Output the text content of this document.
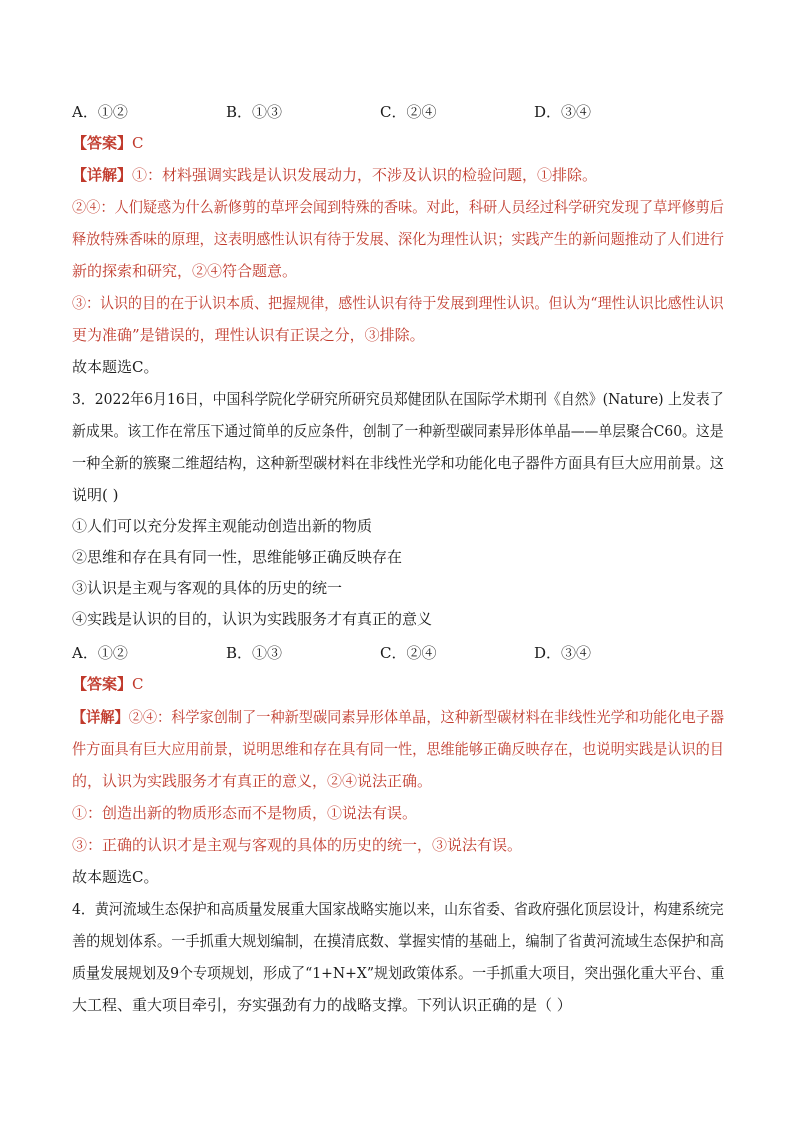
A．①②	B．①③	C．②④	D．③④
【答案】C
【详解】①：材料强调实践是认识发展动力，不涉及认识的检验问题，①排除。
②④：人们疑惑为什么新修剪的草坪会闻到特殊的香味。对此，科研人员经过科学研究发现了草坪修剪后
释放特殊香味的原理，这表明感性认识有待于发展、深化为理性认识；实践产生的新问题推动了人们进行
新的探索和研究，②④符合题意。
③：认识的目的在于认识本质、把握规律，感性认识有待于发展到理性认识。但认为“理性认识比感性认识
更为准确”是错误的，理性认识有正误之分，③排除。
故本题选C。
3．2022年6月16日，中国科学院化学研究所研究员郑健团队在国际学术期刊《自然》(Nature) 上发表了
新成果。该工作在常压下通过简单的反应条件，创制了一种新型碳同素异形体单晶——单层聚合C60。这是
一种全新的簇聚二维超结构，这种新型碳材料在非线性光学和功能化电子器件方面具有巨大应用前景。这
说明( )
①人们可以充分发挥主观能动创造出新的物质
②思维和存在具有同一性，思维能够正确反映存在
③认识是主观与客观的具体的历史的统一
④实践是认识的目的，认识为实践服务才有真正的意义
A．①②	B．①③	C．②④	D．③④
【答案】C
【详解】②④：科学家创制了一种新型碳同素异形体单晶，这种新型碳材料在非线性光学和功能化电子器
件方面具有巨大应用前景，说明思维和存在具有同一性，思维能够正确反映存在，也说明实践是认识的目
的，认识为实践服务才有真正的意义，②④说法正确。
①：创造出新的物质形态而不是物质，①说法有误。
③：正确的认识才是主观与客观的具体的历史的统一，③说法有误。
故本题选C。
4．黄河流域生态保护和高质量发展重大国家战略实施以来，山东省委、省政府强化顶层设计，构建系统完
善的规划体系。一手抓重大规划编制，在摸清底数、掌握实情的基础上，编制了省黄河流域生态保护和高
质量发展规划及9个专项规划，形成了“1+N+X”规划政策体系。一手抓重大项目，突出强化重大平台、重
大工程、重大项目牵引，夯实强劲有力的战略支撑。下列认识正确的是（ ）
